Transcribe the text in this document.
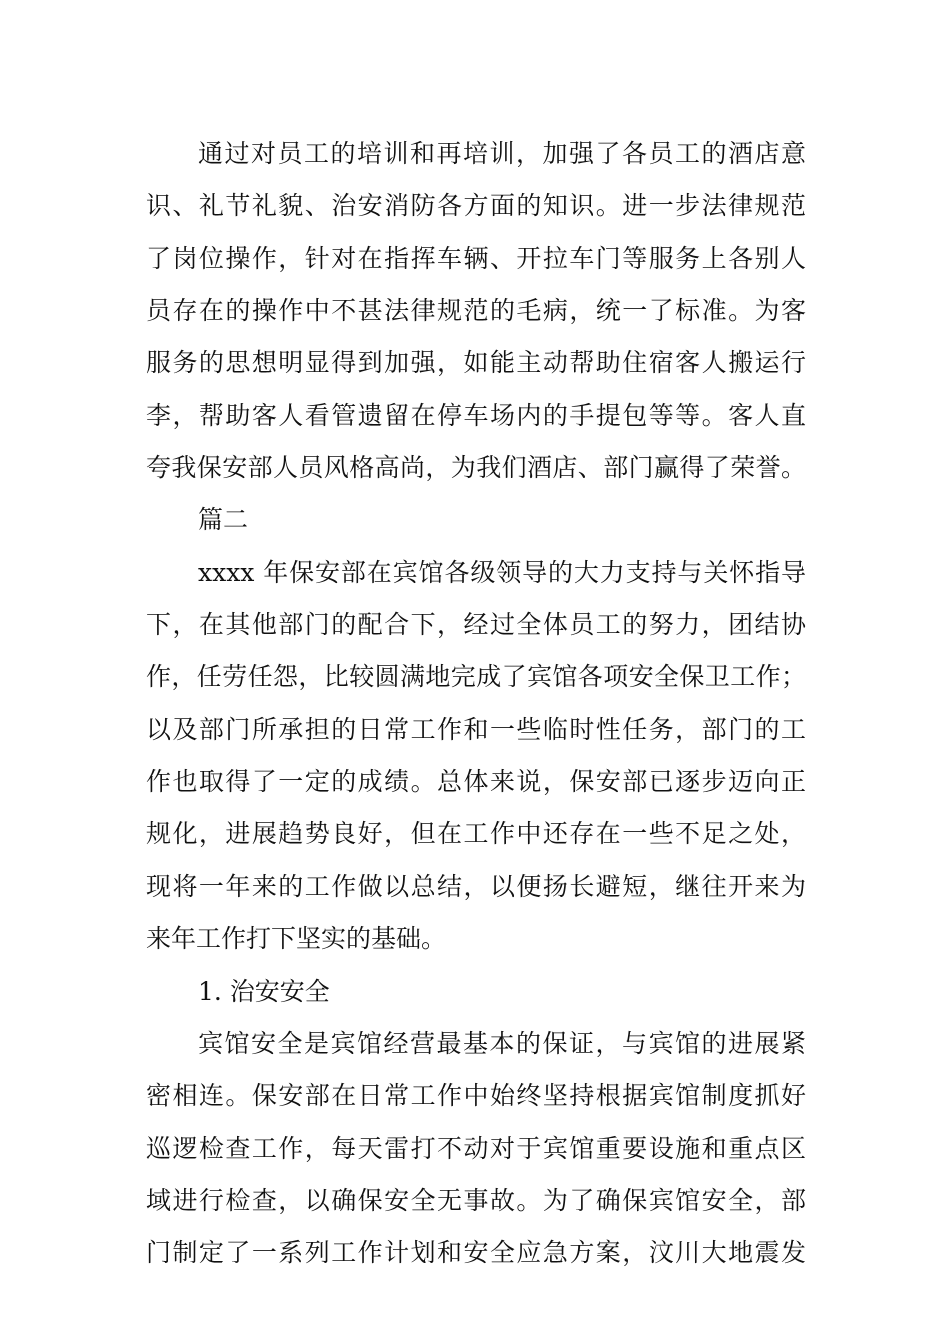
通过对员工的培训和再培训，加强了各员工的酒店意
识、礼节礼貌、治安消防各方面的知识。进一步法律规范
了岗位操作，针对在指挥车辆、开拉车门等服务上各别人
员存在的操作中不甚法律规范的毛病，统一了标准。为客
服务的思想明显得到加强，如能主动帮助住宿客人搬运行
李，帮助客人看管遗留在停车场内的手提包等等。客人直
夸我保安部人员风格高尚，为我们酒店、部门赢得了荣誉。
篇二
xxxx 年保安部在宾馆各级领导的大力支持与关怀指导
下，在其他部门的配合下，经过全体员工的努力，团结协
作，任劳任怨，比较圆满地完成了宾馆各项安全保卫工作；
以及部门所承担的日常工作和一些临时性任务，部门的工
作也取得了一定的成绩。总体来说，保安部已逐步迈向正
规化，进展趋势良好，但在工作中还存在一些不足之处，
现将一年来的工作做以总结，以便扬长避短，继往开来为
来年工作打下坚实的基础。
1. 治安安全
宾馆安全是宾馆经营最基本的保证，与宾馆的进展紧
密相连。保安部在日常工作中始终坚持根据宾馆制度抓好
巡逻检查工作，每天雷打不动对于宾馆重要设施和重点区
域进行检查，以确保安全无事故。为了确保宾馆安全，部
门制定了一系列工作计划和安全应急方案，汶川大地震发
